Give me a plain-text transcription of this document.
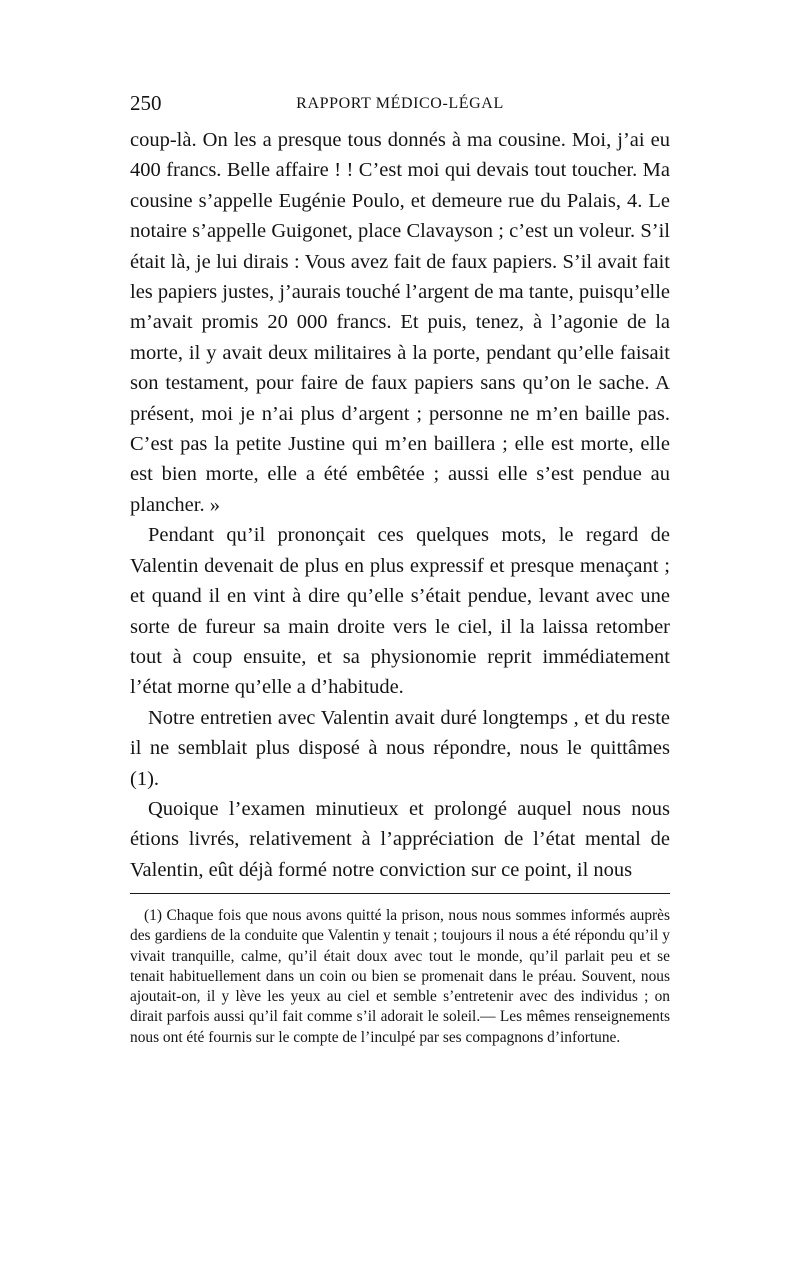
250	RAPPORT MÉDICO-LÉGAL

coup-là. On les a presque tous donnés à ma cousine. Moi, j’ai eu 400 francs. Belle affaire ! ! C’est moi qui devais tout toucher. Ma cousine s’appelle Eugénie Poulo, et demeure rue du Palais, 4. Le notaire s’appelle Guigonet, place Clavayson ; c’est un voleur. S’il était là, je lui dirais : Vous avez fait de faux papiers. S’il avait fait les papiers justes, j’aurais touché l’argent de ma tante, puisqu’elle m’avait promis 20 000 francs. Et puis, tenez, à l’agonie de la morte, il y avait deux militaires à la porte, pendant qu’elle faisait son testament, pour faire de faux papiers sans qu’on le sache. A présent, moi je n’ai plus d’argent ; personne ne m’en baille pas. C’est pas la petite Justine qui m’en baillera ; elle est morte, elle est bien morte, elle a été embêtée ; aussi elle s’est pendue au plancher. »

Pendant qu’il prononçait ces quelques mots, le regard de Valentin devenait de plus en plus expressif et presque menaçant ; et quand il en vint à dire qu’elle s’était pendue, levant avec une sorte de fureur sa main droite vers le ciel, il la laissa retomber tout à coup ensuite, et sa physionomie reprit immédiatement l’état morne qu’elle a d’habitude.

Notre entretien avec Valentin avait duré longtemps , et du reste il ne semblait plus disposé à nous répondre, nous le quittâmes (1).

Quoique l’examen minutieux et prolongé auquel nous nous étions livrés, relativement à l’appréciation de l’état mental de Valentin, eût déjà formé notre conviction sur ce point, il nous

(1) Chaque fois que nous avons quitté la prison, nous nous sommes informés auprès des gardiens de la conduite que Valentin y tenait ; toujours il nous a été répondu qu’il y vivait tranquille, calme, qu’il était doux avec tout le monde, qu’il parlait peu et se tenait habituellement dans un coin ou bien se promenait dans le préau. Souvent, nous ajoutait-on, il y lève les yeux au ciel et semble s’entretenir avec des individus ; on dirait parfois aussi qu’il fait comme s’il adorait le soleil.— Les mêmes renseignements nous ont été fournis sur le compte de l’inculpé par ses compagnons d’infortune.
